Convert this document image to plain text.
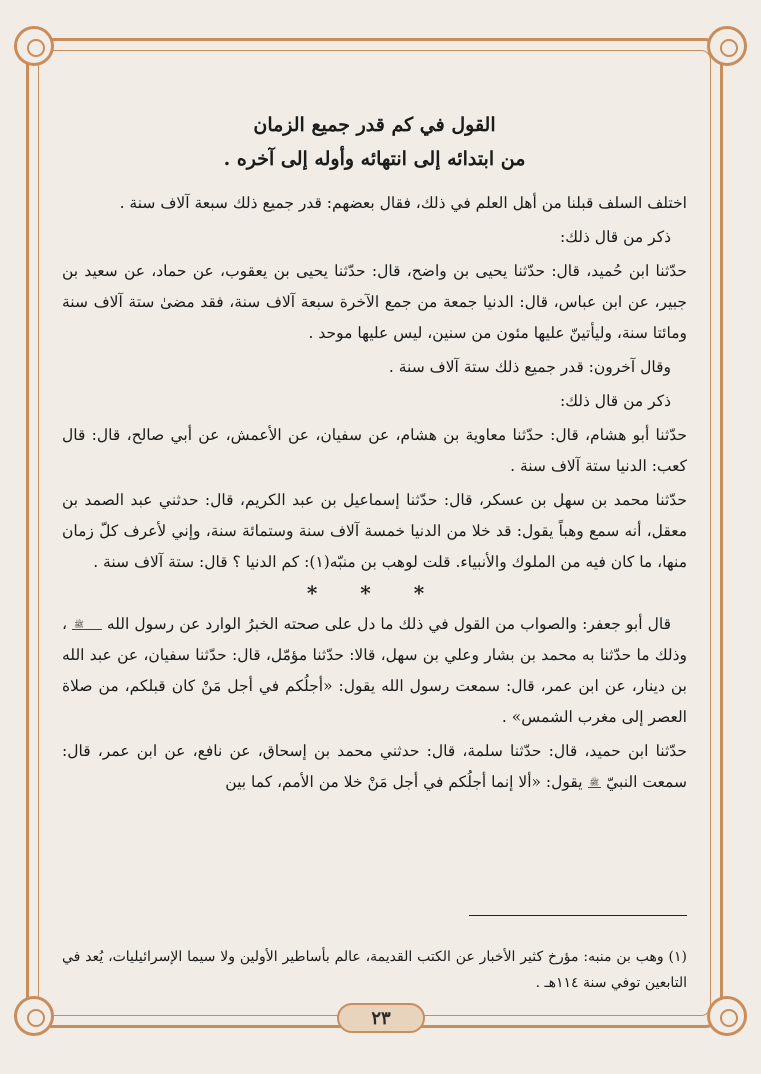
القول في كم قدر جميع الزمان
من ابتدائه إلى انتهائه وأوله إلى آخره .

اختلف السلف قبلنا من أهل العلم في ذلك، فقال بعضهم: قدر جميع ذلك سبعة آلاف سنة .

ذكر من قال ذلك:

حدّثنا ابن حُميد، قال: حدّثنا يحيى بن واضح، قال: حدّثنا يحيى بن يعقوب، عن حماد، عن سعيد بن جبير، عن ابن عباس، قال: الدنيا جمعة من جمع الآخرة سبعة آلاف سنة، فقد مضىٰ ستة آلاف سنة ومائتا سنة، وليأتينّ عليها مئون من سنين، ليس عليها موحد .

وقال آخرون: قدر جميع ذلك ستة آلاف سنة .

ذكر من قال ذلك:

حدّثنا أبو هشام، قال: حدّثنا معاوية بن هشام، عن سفيان، عن الأعمش، عن أبي صالح، قال: قال كعب: الدنيا ستة آلاف سنة .

حدّثنا محمد بن سهل بن عسكر، قال: حدّثنا إسماعيل بن عبد الكريم، قال: حدثني عبد الصمد بن معقل، أنه سمع وهباً يقول: قد خلا من الدنيا خمسة آلاف سنة وستمائة سنة، وإني لأعرف كلّ زمان منها، ما كان فيه من الملوك والأنبياء. قلت لوهب بن منبّه(١): كم الدنيا ؟ قال: ستة آلاف سنة .

* * *

قال أبو جعفر: والصواب من القول في ذلك ما دل على صحته الخبرُ الوارد عن رسول الله ﷺ ، وذلك ما حدّثنا به محمد بن بشار وعلي بن سهل، قالا: حدّثنا مؤمّل، قال: حدّثنا سفيان، عن عبد الله بن دينار، عن ابن عمر، قال: سمعت رسول الله يقول: «أجلُكم في أجل مَنْ كان قبلكم، من صلاة العصر إلى مغرب الشمس» .

حدّثنا ابن حميد، قال: حدّثنا سلمة، قال: حدثني محمد بن إسحاق، عن نافع، عن ابن عمر، قال: سمعت النبيّ ﷺ يقول: «ألا إنما أجلُكم في أجل مَنْ خلا من الأمم، كما بين

(١) وهب بن منبه: مؤرخ كثير الأخبار عن الكتب القديمة، عالم بأساطير الأولين ولا سيما الإسرائيليات، يُعد في التابعين توفي سنة ١١٤هـ .

٢٣
